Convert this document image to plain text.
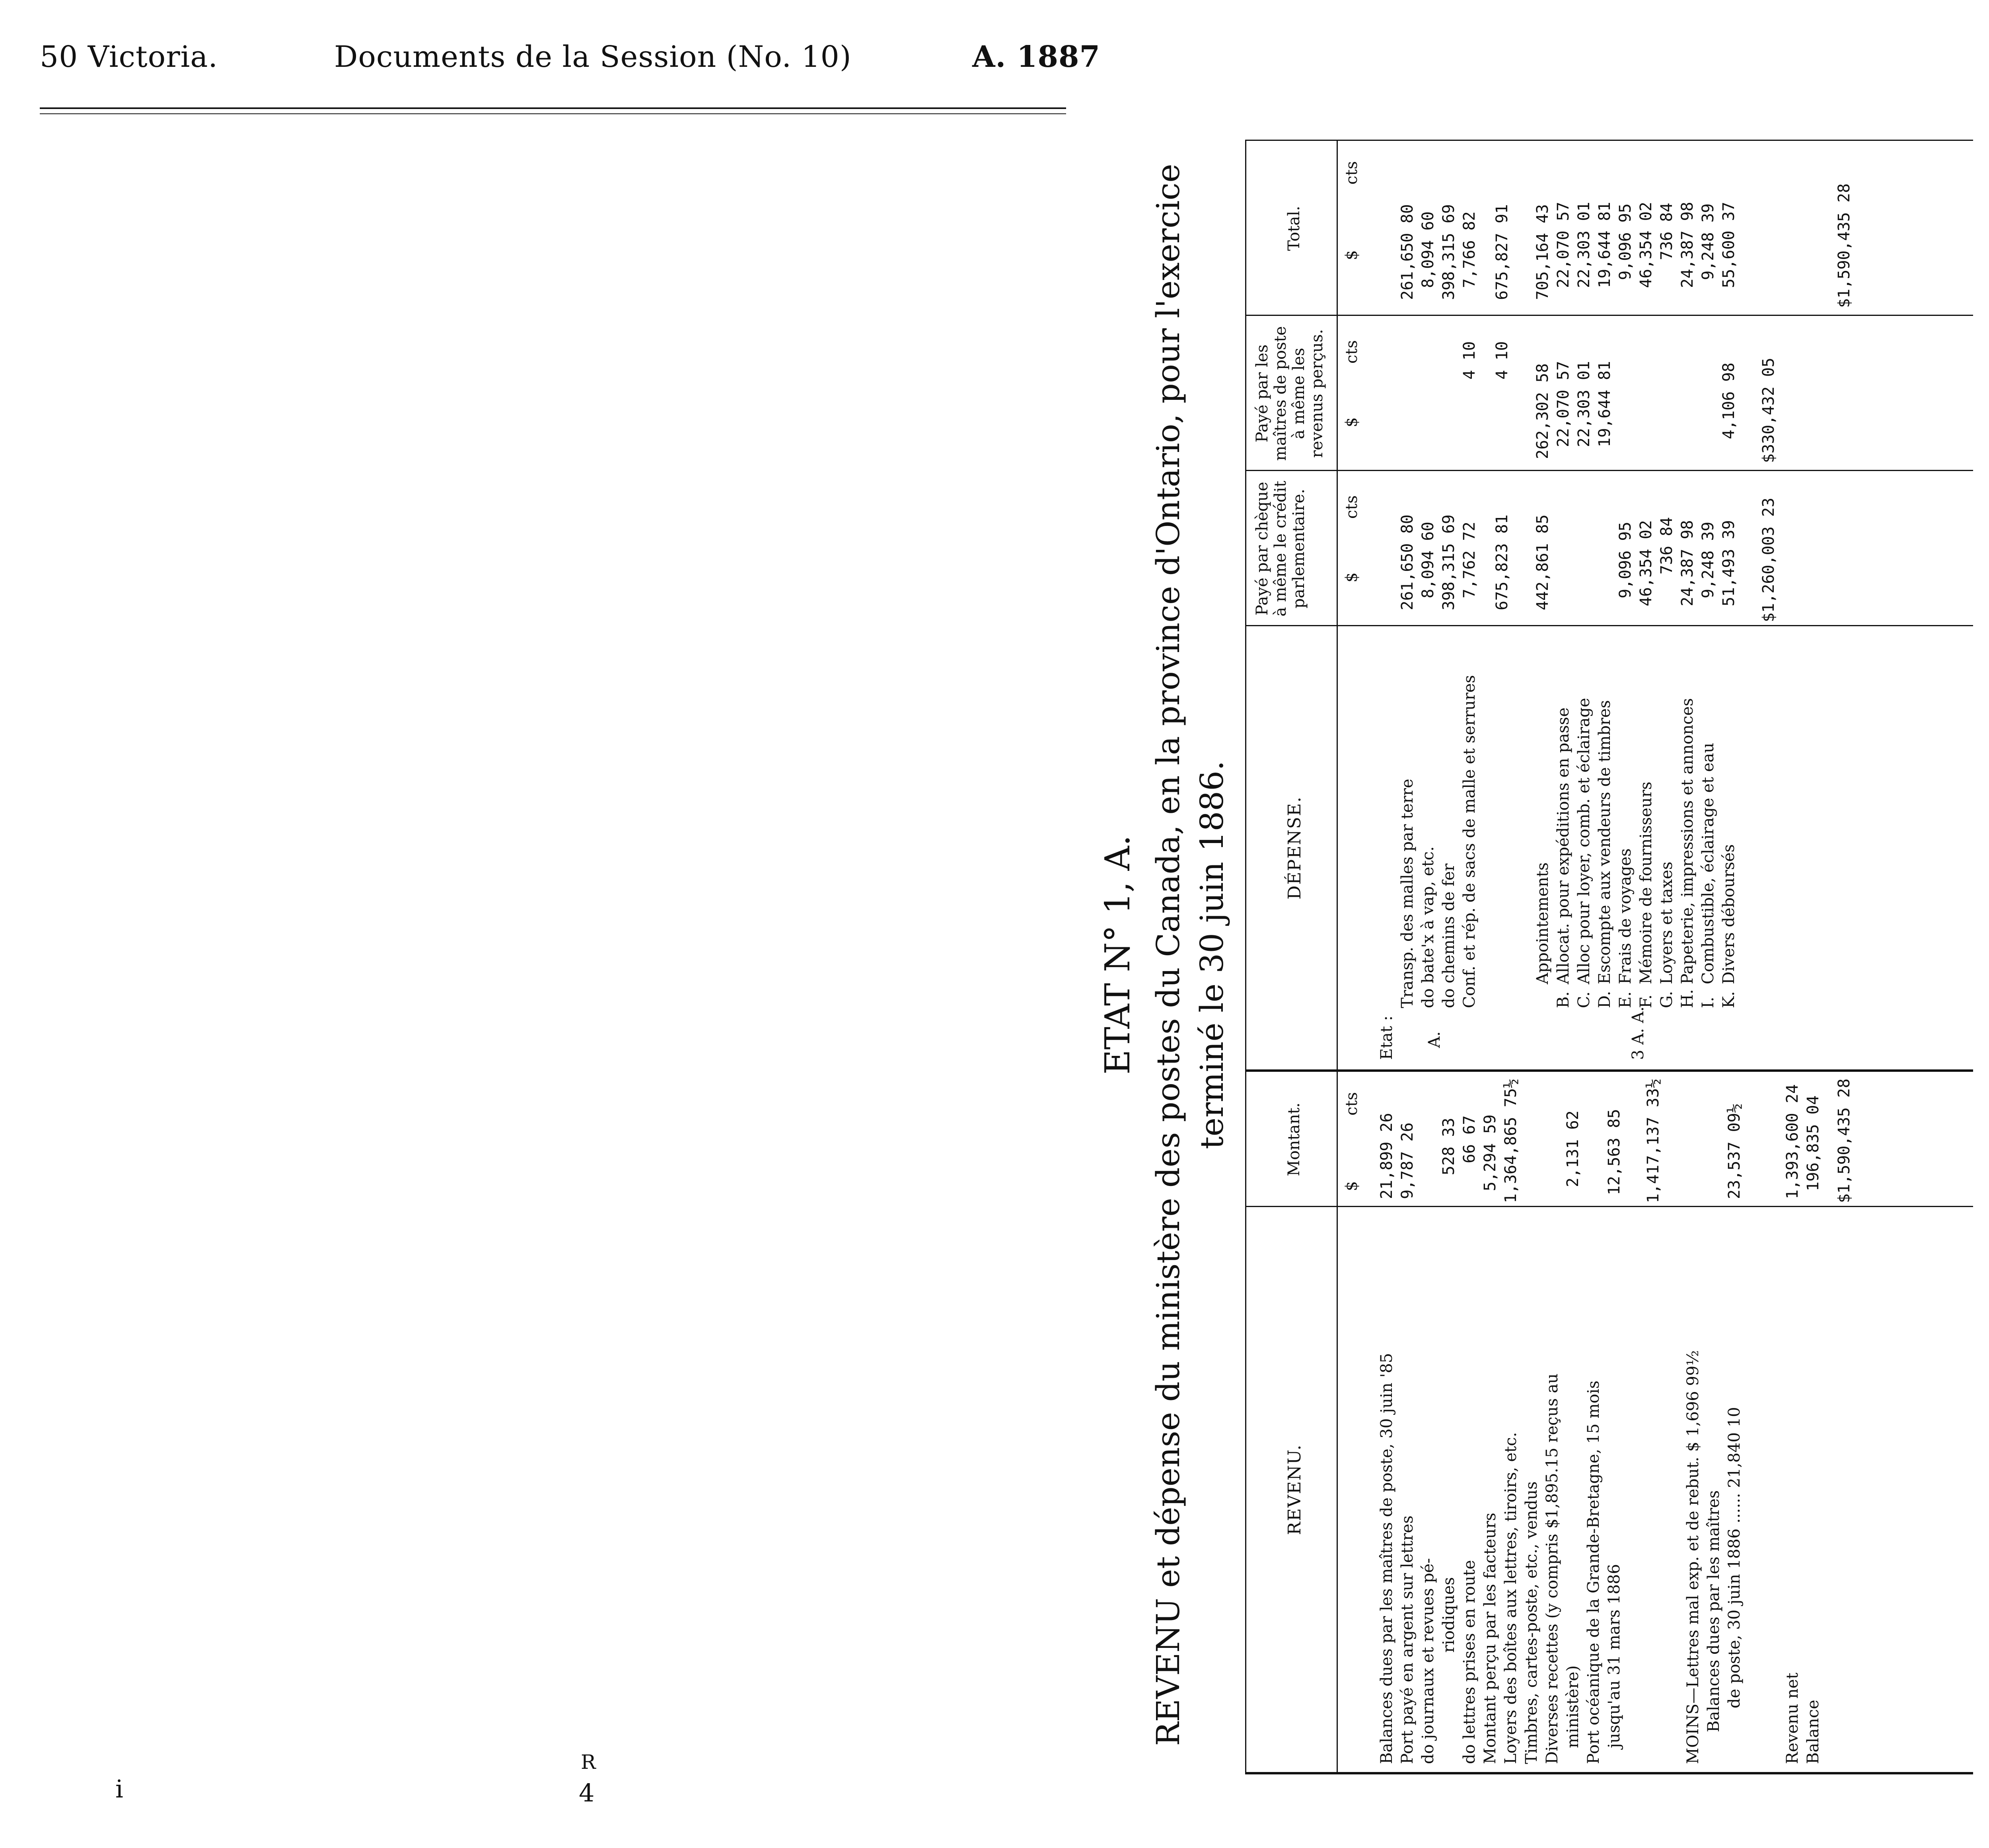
50 Victoria.	Documents de la Session (No. 10)	A. 1887
ETAT N° 1, A. REVENU et dépense du ministère des postes du Canada, en la province d'Ontario, pour l'exercice terminé le 30 juin 1886.
REVENU.
Montant.
DÉPENSE.
Payé par chèque à même le crédit parlementaire.
Payé par les maîtres de poste à même les revenus perçus.
Total.
$
cts
$
cts
$
cts
$
cts
Balances dues par les maîtres de poste, 30 juin '85
21,899 26
Port payé en argent sur lettres
9,787 26
do journaux et revues pé- riodiques
528 33
do lettres prises en route
66 67
Montant perçu par les facteurs
5,294 59
Loyers des boîtes aux lettres, tiroirs, etc.
1,364,865 75½
Timbres, cartes-poste, etc., vendus Diverses recettes (y compris $1,895.15 reçus au ministère)
2,131 62
Port océanique de la Grande-Bretagne, 15 mois jusqu'au 31 mars 1886
12,563 85 1,417,137 33½
MOINS—Lettres mal exp. et de rebut. $ 1,696 99½ Balances dues par les maîtres de poste, 30 juin 1886 ...... 21,840 10
23,537 09½
Revenu net
1,393,600 24
Balance
196,835 04 $1,590,435 28
Etat : A.
Transp. des malles par terre
261,650 80
261,650 80
do bate'x à vap, etc.
8,094 60
8,094 60
do chemins de fer
398,315 69
398,315 69
Conf. et rép. de sacs de malle et serrures
7,762 72
4 10
7,766 82
675,823 81
4 10
675,827 91
3 A. A.
Appointements
442,861 85
262,302 58
705,164 43
B.
Allocat. pour expéditions en passe
22,070 57
22,070 57
C.
Alloc pour loyer, comb. et éclairage
22,303 01
22,303 01
D.
Escompte aux vendeurs de timbres
19,644 81
19,644 81
E.
Frais de voyages
9,096 95
9,096 95
F.
Mémoire de fournisseurs
46,354 02
46,354 02
G.
Loyers et taxes
736 84
736 84
H.
Papeterie, impressions et annonces
24,387 98
24,387 98
I.
Combustible, éclairage et eau
9,248 39
9,248 39
K.
Divers déboursés
51,493 39
4,106 98
55,600 37
$1,260,003 23
$330,432 05
$1,590,435 28
i
R
4
